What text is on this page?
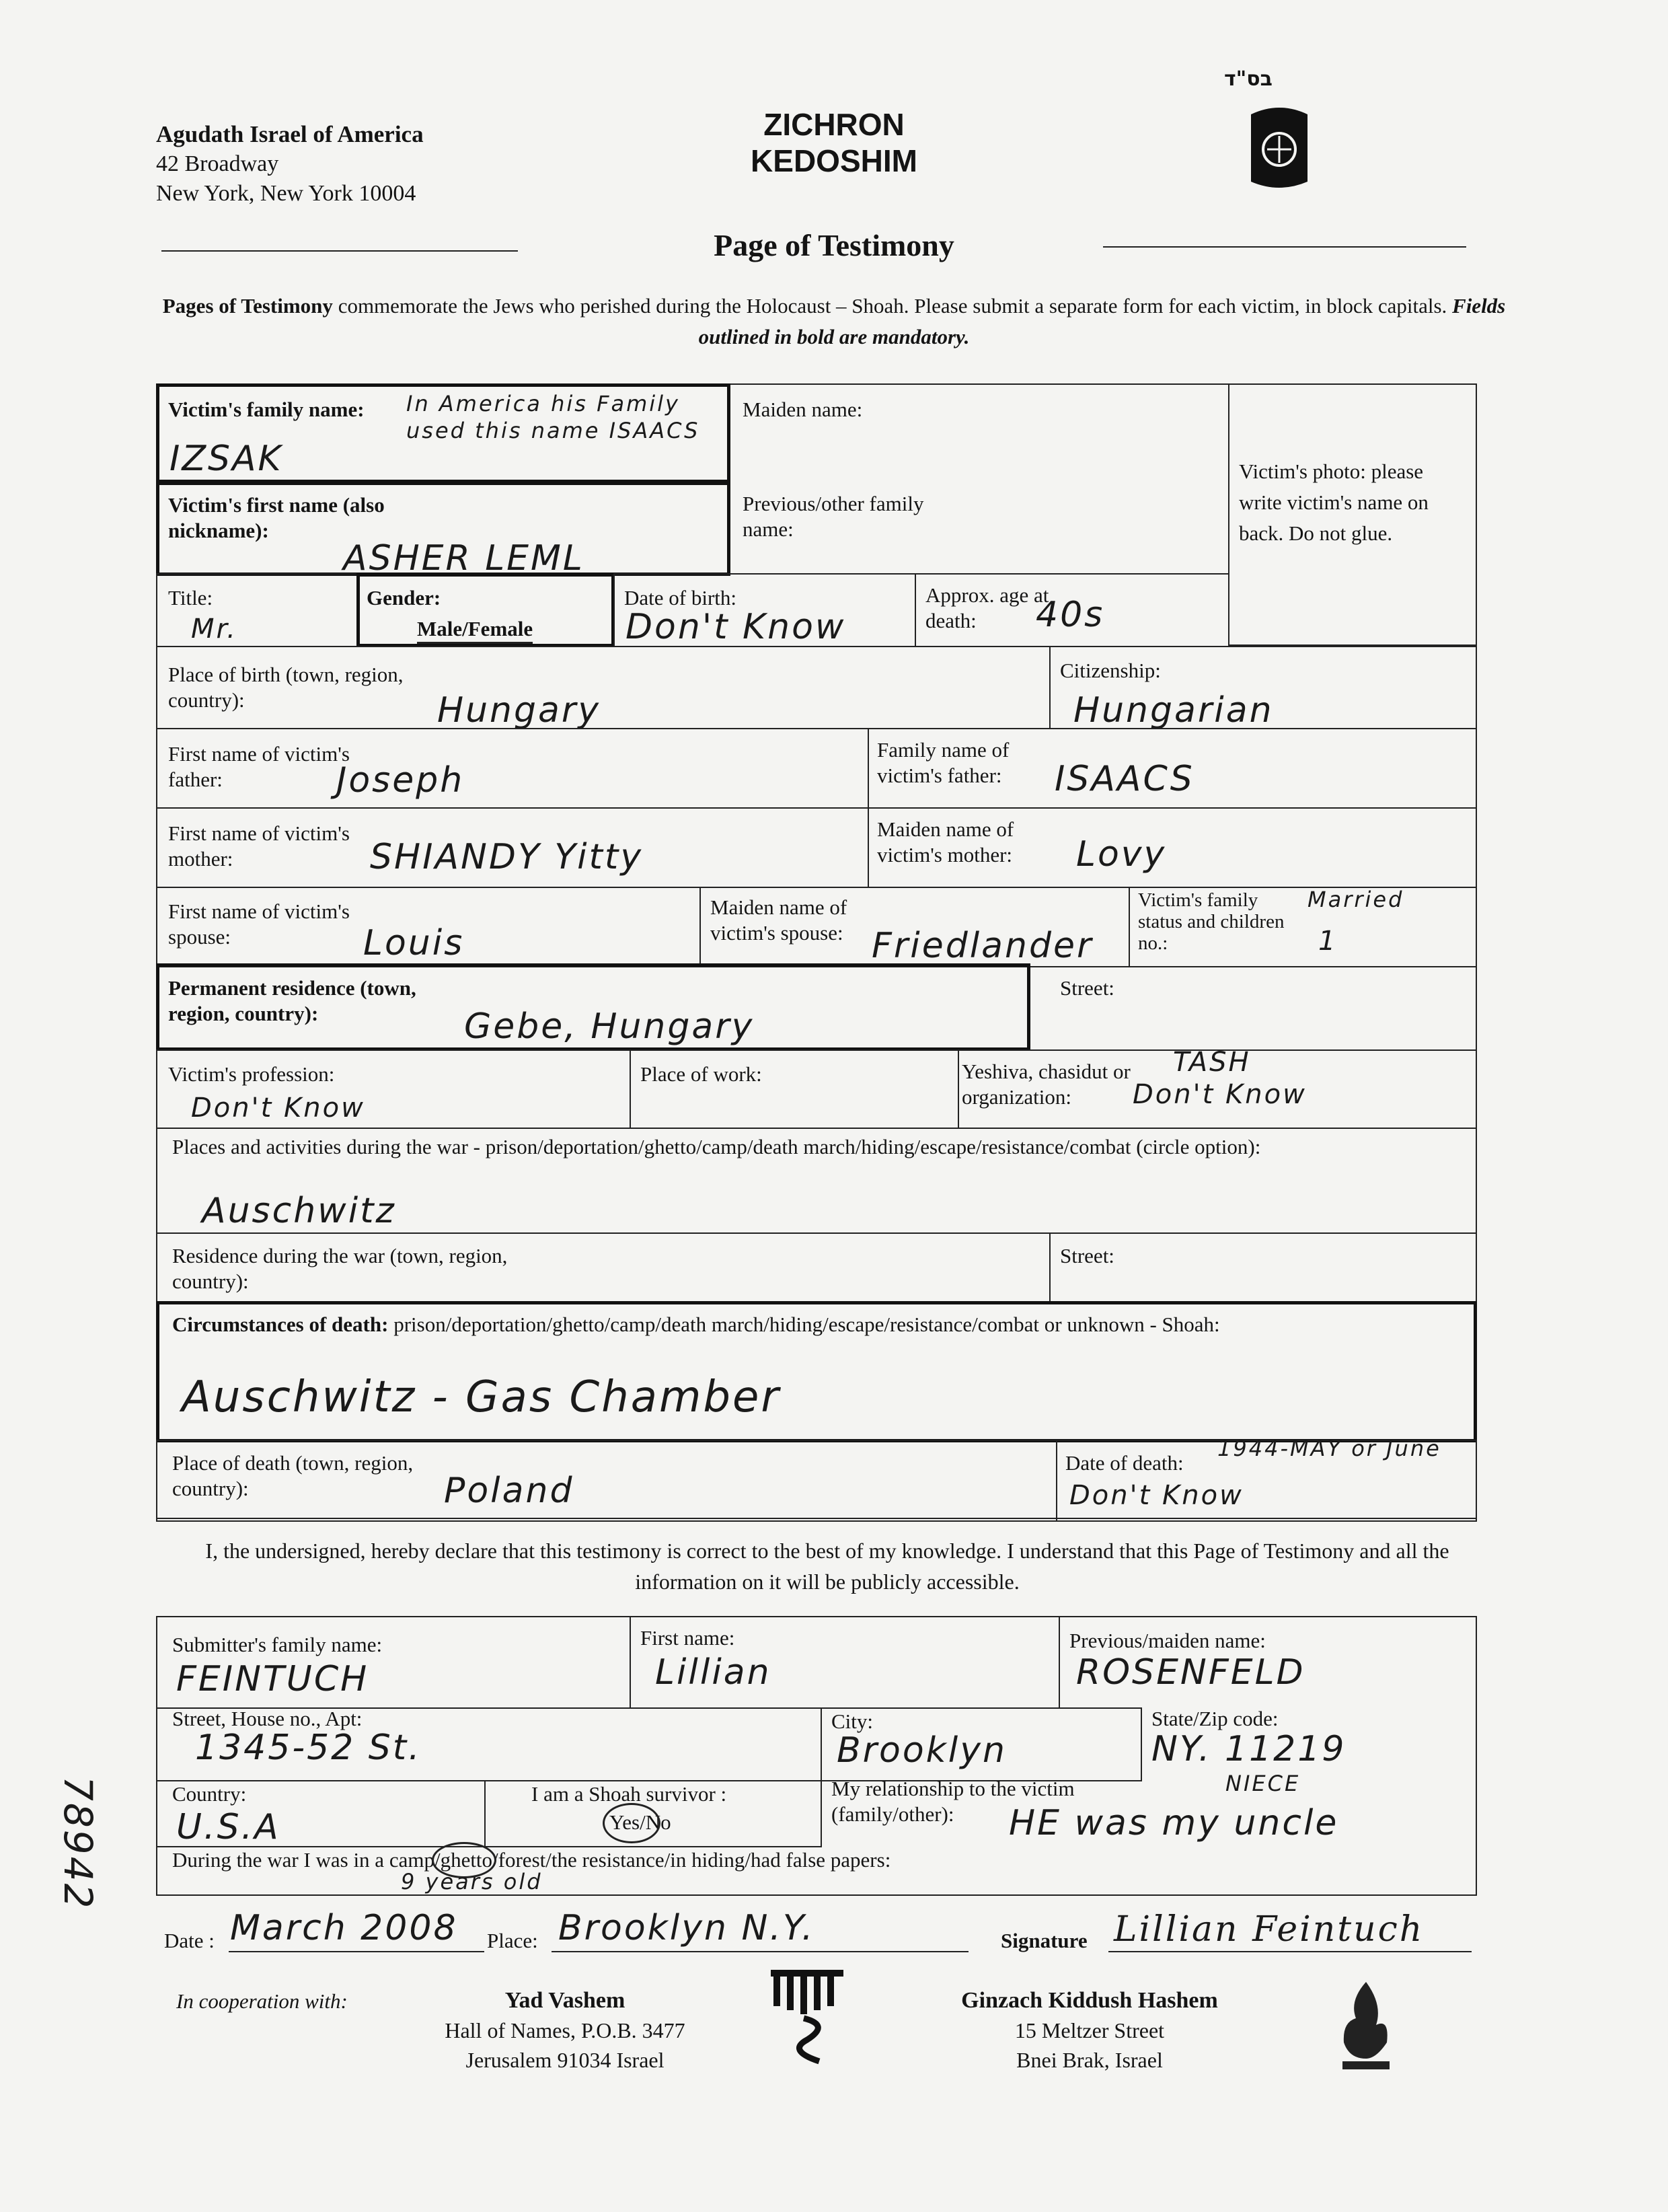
Agudath Israel of America
42 Broadway
New York, New York 10004
ZICHRON
KEDOSHIM
בס"ד
Page of Testimony
Pages of Testimony commemorate the Jews who perished during the Holocaust – Shoah. Please submit a separate form for each victim, in block capitals. Fields outlined in bold are mandatory.
Victim's family name:
IZSAK
In America his Family used this name ISAACS
Maiden name:
Victim's photo: please write victim's name on back. Do not glue.
Victim's first name (also nickname):
ASHER LEML
Previous/other family name:
Title:
Mr.
Gender:
Male/Female
Date of birth:
Don't Know
Approx. age at death:	40s
Place of birth (town, region, country):	Hungary
Citizenship:
Hungarian
First name of victim's father:	Joseph
Family name of victim's father:	ISAACS
First name of victim's mother:	SHIANDY Yitty
Maiden name of victim's mother:	Lovy
First name of victim's spouse:	Louis
Maiden name of victim's spouse: Friedlander
Victim's family status and children no.:
Married
1
Permanent residence (town, region, country):	Gebe, Hungary
Street:
Victim's profession:
Don't Know
Place of work:	Yeshiva, chasidut or organization:
TASH
Don't Know
Places and activities during the war - prison/deportation/ghetto/camp/death march/hiding/escape/resistance/combat (circle option):
Auschwitz
Residence during the war (town, region, country):
Street:
Circumstances of death: prison/deportation/ghetto/camp/death march/hiding/escape/resistance/combat or unknown - Shoah:
Auschwitz - Gas Chamber
Place of death (town, region, country):	Poland
Date of death:
1944-MAY or June
Don't Know
I, the undersigned, hereby declare that this testimony is correct to the best of my knowledge. I understand that this Page of Testimony and all the information on it will be publicly accessible.
Submitter's family name:
FEINTUCH
First name:
Lillian
Previous/maiden name:
ROSENFELD
Street, House no., Apt:
1345-52 St.
City:
Brooklyn
State/Zip code:
NY. 11219
Country:
U.S.A
I am a Shoah survivor :
Yes/No
My relationship to the victim (family/other):
NIECE
HE was my uncle
During the war I was in a camp/ghetto/forest/the resistance/in hiding/had false papers:
9 years old
Date : March 2008 Place: Brooklyn N.Y.	Signature Lillian Feintuch
78942
In cooperation with:	Yad Vashem
Hall of Names, P.O.B. 3477
Jerusalem 91034 Israel
Ginzach Kiddush Hashem
15 Meltzer Street
Bnei Brak, Israel
